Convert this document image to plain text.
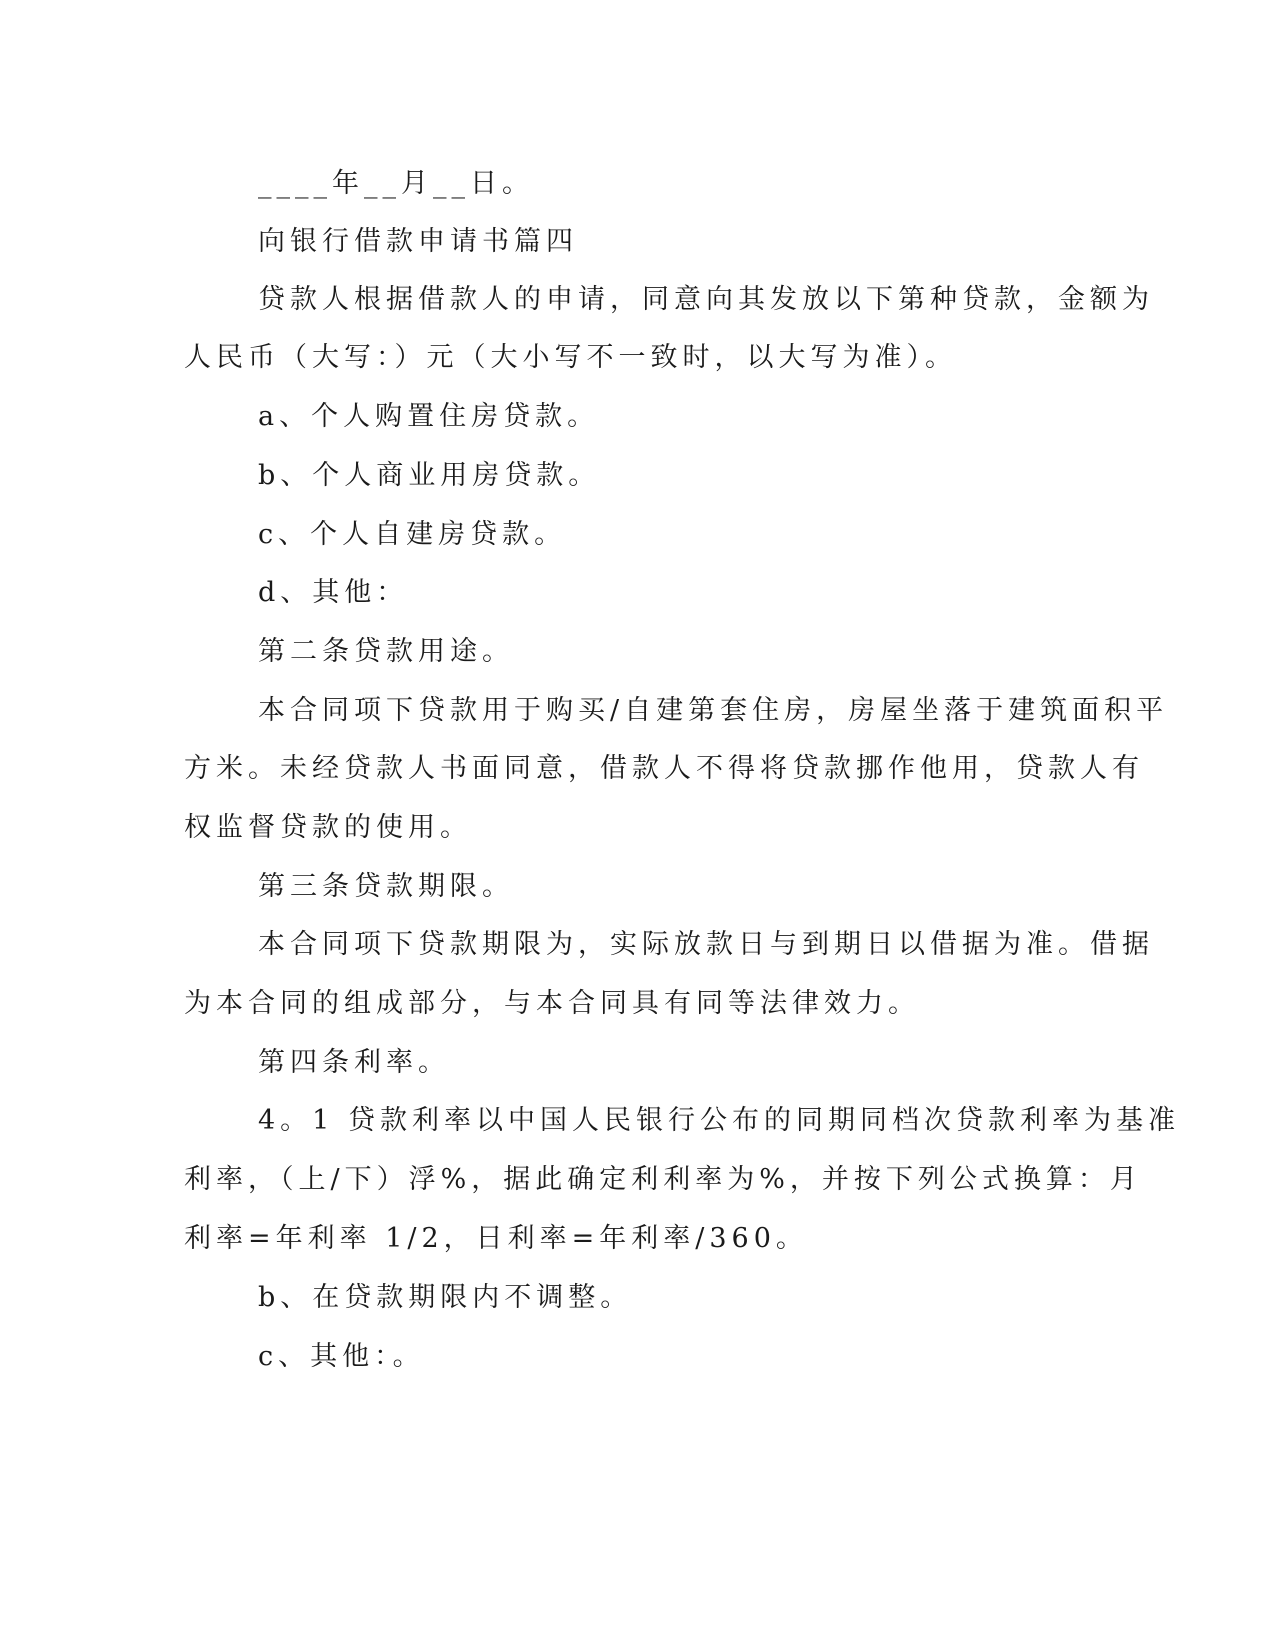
____年__月__日。

向银行借款申请书篇四

贷款人根据借款人的申请，同意向其发放以下第种贷款，金额为

人民币（大写：）元（大小写不一致时，以大写为准）。

a、个人购置住房贷款。

b、个人商业用房贷款。

c、个人自建房贷款。

d、其他：

第二条贷款用途。

本合同项下贷款用于购买/自建第套住房，房屋坐落于建筑面积平

方米。未经贷款人书面同意，借款人不得将贷款挪作他用，贷款人有

权监督贷款的使用。

第三条贷款期限。

本合同项下贷款期限为，实际放款日与到期日以借据为准。借据

为本合同的组成部分，与本合同具有同等法律效力。

第四条利率。

4。1 贷款利率以中国人民银行公布的同期同档次贷款利率为基准

利率，（上/下）浮%，据此确定利利率为%，并按下列公式换算：月

利率=年利率 1/2，日利率=年利率/360。

b、在贷款期限内不调整。

c、其他：。
